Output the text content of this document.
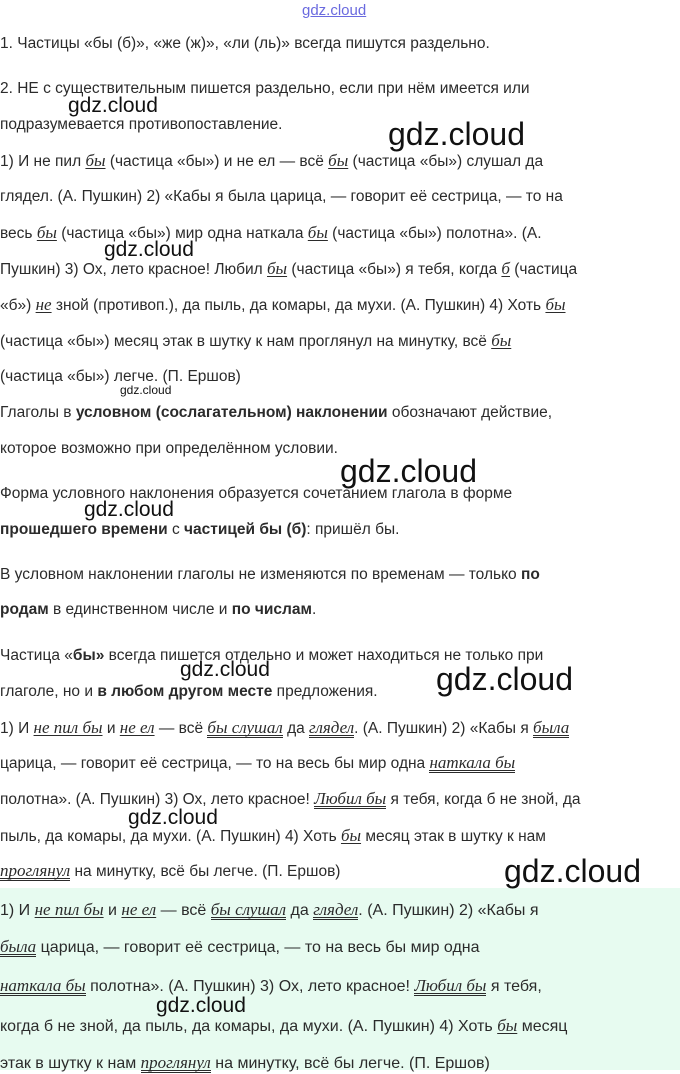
gdz.cloud
gdz.cloud
gdz.cloud
gdz.cloud
gdz.cloud
gdz.cloud
gdz.cloud
gdz.cloud	gdz.cloud
gdz.cloud
gdz.cloud
gdz.cloud
1. Частицы «бы (б)», «же (ж)», «ли (ль)» всегда пишутся раздельно.
2. НЕ с существительным пишется раздельно, если при нём имеется или
подразумевается противопоставление.
1) И не пил бы (частица «бы») и не ел — всё бы (частица «бы») слушал да
глядел. (А. Пушкин) 2) «Кабы я была царица, — говорит её сестрица, — то на
весь бы (частица «бы») мир одна наткала бы (частица «бы») полотна». (А.
Пушкин) 3) Ох, лето красное! Любил бы (частица «бы») я тебя, когда б (частица
«б») не зной (противоп.), да пыль, да комары, да мухи. (А. Пушкин) 4) Хоть бы
(частица «бы») месяц этак в шутку к нам проглянул на минутку, всё бы
(частица «бы») легче. (П. Ершов)
Глаголы в условном (сослагательном) наклонении обозначают действие,
которое возможно при определённом условии.
Форма условного наклонения образуется сочетанием глагола в форме
прошедшего времени с частицей бы (б): пришёл бы.
В условном наклонении глаголы не изменяются по временам — только по
родам в единственном числе и по числам.
Частица «бы» всегда пишется отдельно и может находиться не только при
глаголе, но и в любом другом месте предложения.
1) И не пил бы и не ел — всё бы слушал да глядел. (А. Пушкин) 2) «Кабы я была
царица, — говорит её сестрица, — то на весь бы мир одна наткала бы
полотна». (А. Пушкин) 3) Ох, лето красное! Любил бы я тебя, когда б не зной, да
пыль, да комары, да мухи. (А. Пушкин) 4) Хоть бы месяц этак в шутку к нам
проглянул на минутку, всё бы легче. (П. Ершов)
1) И не пил бы и не ел — всё бы слушал да глядел. (А. Пушкин) 2) «Кабы я
была царица, — говорит её сестрица, — то на весь бы мир одна
наткала бы полотна». (А. Пушкин) 3) Ох, лето красное! Любил бы я тебя,
когда б не зной, да пыль, да комары, да мухи. (А. Пушкин) 4) Хоть бы месяц
этак в шутку к нам проглянул на минутку, всё бы легче. (П. Ершов)
